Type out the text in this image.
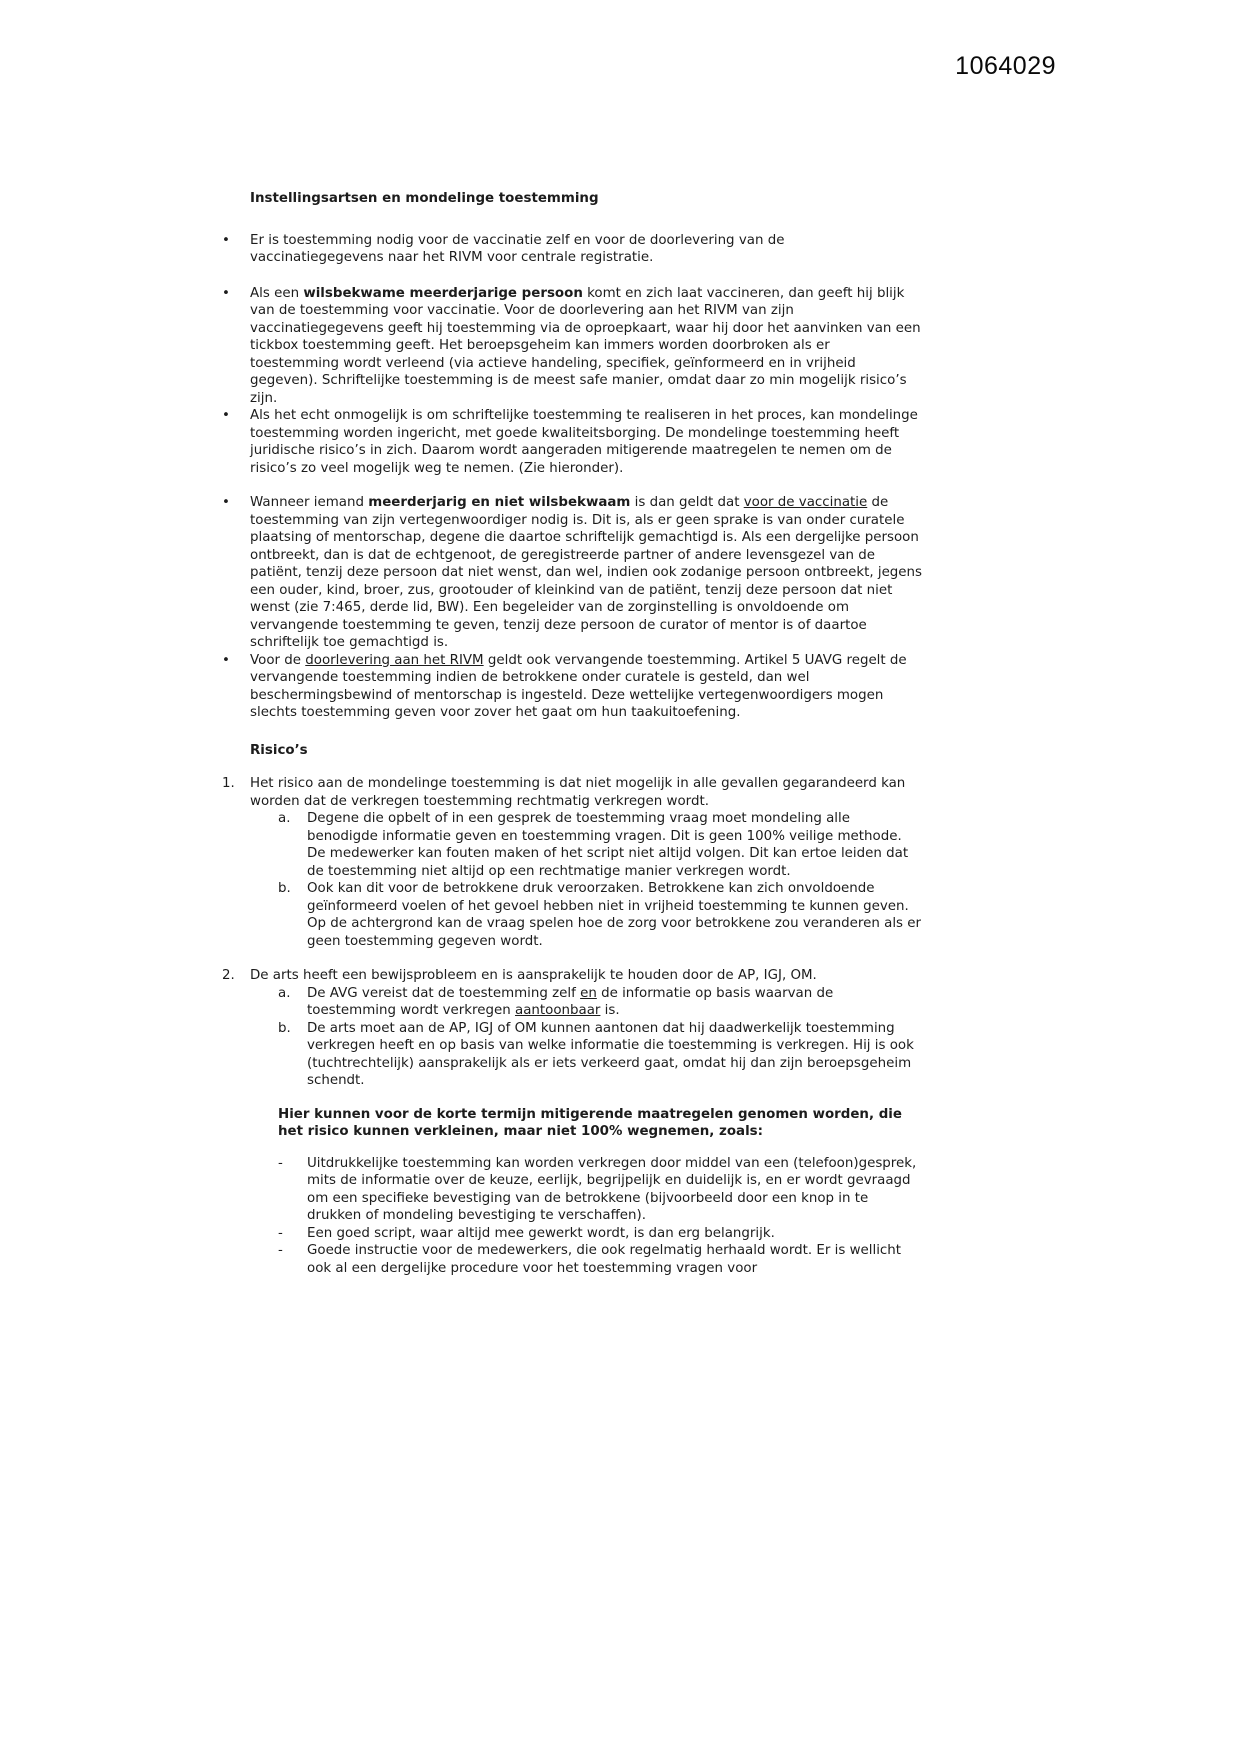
1064029
Instellingsartsen en mondelinge toestemming
•	Er is toestemming nodig voor de vaccinatie zelf en voor de doorlevering van de vaccinatiegegevens naar het RIVM voor centrale registratie.
•	Als een wilsbekwame meerderjarige persoon komt en zich laat vaccineren, dan geeft hij blijk van de toestemming voor vaccinatie. Voor de doorlevering aan het RIVM van zijn vaccinatiegegevens geeft hij toestemming via de oproepkaart, waar hij door het aanvinken van een tickbox toestemming geeft. Het beroepsgeheim kan immers worden doorbroken als er toestemming wordt verleend (via actieve handeling, specifiek, geïnformeerd en in vrijheid gegeven). Schriftelijke toestemming is de meest safe manier, omdat daar zo min mogelijk risico’s zijn.
•	Als het echt onmogelijk is om schriftelijke toestemming te realiseren in het proces, kan mondelinge toestemming worden ingericht, met goede kwaliteitsborging. De mondelinge toestemming heeft juridische risico’s in zich. Daarom wordt aangeraden mitigerende maatregelen te nemen om de risico’s zo veel mogelijk weg te nemen. (Zie hieronder).
•	Wanneer iemand meerderjarig en niet wilsbekwaam is dan geldt dat voor de vaccinatie de toestemming van zijn vertegenwoordiger nodig is. Dit is, als er geen sprake is van onder curatele plaatsing of mentorschap, degene die daartoe schriftelijk gemachtigd is. Als een dergelijke persoon ontbreekt, dan is dat de echtgenoot, de geregistreerde partner of andere levensgezel van de patiënt, tenzij deze persoon dat niet wenst, dan wel, indien ook zodanige persoon ontbreekt, jegens een ouder, kind, broer, zus, grootouder of kleinkind van de patiënt, tenzij deze persoon dat niet wenst (zie 7:465, derde lid, BW). Een begeleider van de zorginstelling is onvoldoende om vervangende toestemming te geven, tenzij deze persoon de curator of mentor is of daartoe schriftelijk toe gemachtigd is.
•	Voor de doorlevering aan het RIVM geldt ook vervangende toestemming. Artikel 5 UAVG regelt de vervangende toestemming indien de betrokkene onder curatele is gesteld, dan wel beschermingsbewind of mentorschap is ingesteld. Deze wettelijke vertegenwoordigers mogen slechts toestemming geven voor zover het gaat om hun taakuitoefening.
Risico’s
1.	Het risico aan de mondelinge toestemming is dat niet mogelijk in alle gevallen gegarandeerd kan worden dat de verkregen toestemming rechtmatig verkregen wordt.
a.	Degene die opbelt of in een gesprek de toestemming vraag moet mondeling alle benodigde informatie geven en toestemming vragen. Dit is geen 100% veilige methode. De medewerker kan fouten maken of het script niet altijd volgen. Dit kan ertoe leiden dat de toestemming niet altijd op een rechtmatige manier verkregen wordt.
b.	Ook kan dit voor de betrokkene druk veroorzaken. Betrokkene kan zich onvoldoende geïnformeerd voelen of het gevoel hebben niet in vrijheid toestemming te kunnen geven. Op de achtergrond kan de vraag spelen hoe de zorg voor betrokkene zou veranderen als er geen toestemming gegeven wordt.
2.	De arts heeft een bewijsprobleem en is aansprakelijk te houden door de AP, IGJ, OM.
a.	De AVG vereist dat de toestemming zelf en de informatie op basis waarvan de toestemming wordt verkregen aantoonbaar is.
b.	De arts moet aan de AP, IGJ of OM kunnen aantonen dat hij daadwerkelijk toestemming verkregen heeft en op basis van welke informatie die toestemming is verkregen. Hij is ook (tuchtrechtelijk) aansprakelijk als er iets verkeerd gaat, omdat hij dan zijn beroepsgeheim schendt.
Hier kunnen voor de korte termijn mitigerende maatregelen genomen worden, die het risico kunnen verkleinen, maar niet 100% wegnemen, zoals:
-	Uitdrukkelijke toestemming kan worden verkregen door middel van een (telefoon)gesprek, mits de informatie over de keuze, eerlijk, begrijpelijk en duidelijk is, en er wordt gevraagd om een specifieke bevestiging van de betrokkene (bijvoorbeeld door een knop in te drukken of mondeling bevestiging te verschaffen).
-	Een goed script, waar altijd mee gewerkt wordt, is dan erg belangrijk.
-	Goede instructie voor de medewerkers, die ook regelmatig herhaald wordt. Er is wellicht ook al een dergelijke procedure voor het toestemming vragen voor
